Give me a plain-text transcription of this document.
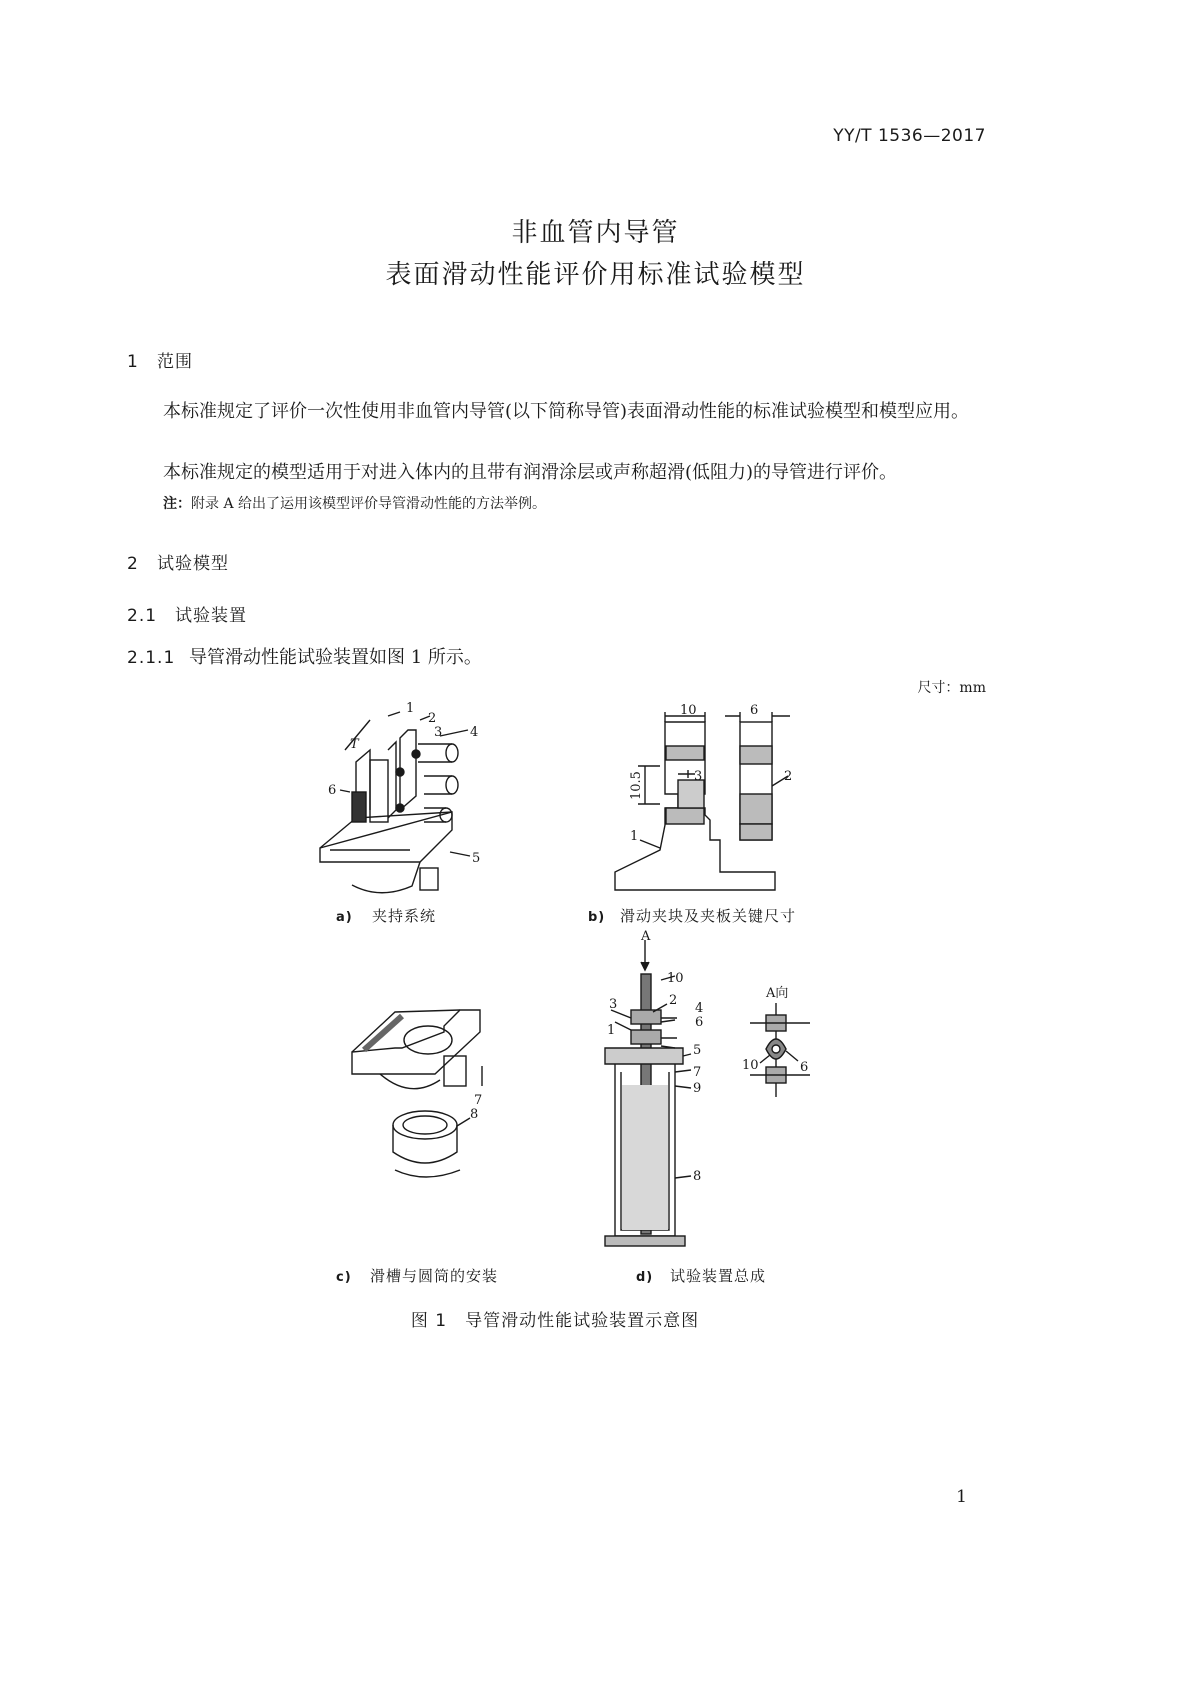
YY/T 1536—2017
非血管内导管
表面滑动性能评价用标准试验模型
1 范围
本标准规定了评价一次性使用非血管内导管(以下简称导管)表面滑动性能的标准试验模型和模型应用。
本标准规定的模型适用于对进入体内的且带有润滑涂层或声称超滑(低阻力)的导管进行评价。
注：附录 A 给出了运用该模型评价导管滑动性能的方法举例。
2 试验模型
2.1 试验装置
2.1.1 导管滑动性能试验装置如图 1 所示。
尺寸：mm
1
2
3 4
5
6
T
a) 夹持系统
10	6
10.5	3	2
1
b) 滑动夹块及夹板关键尺寸
7
8
c) 滑槽与圆筒的安装
A
10
3	2
4
6
1
5
7
9
8
A向
10	6
d) 试验装置总成
图 1　导管滑动性能试验装置示意图
1
